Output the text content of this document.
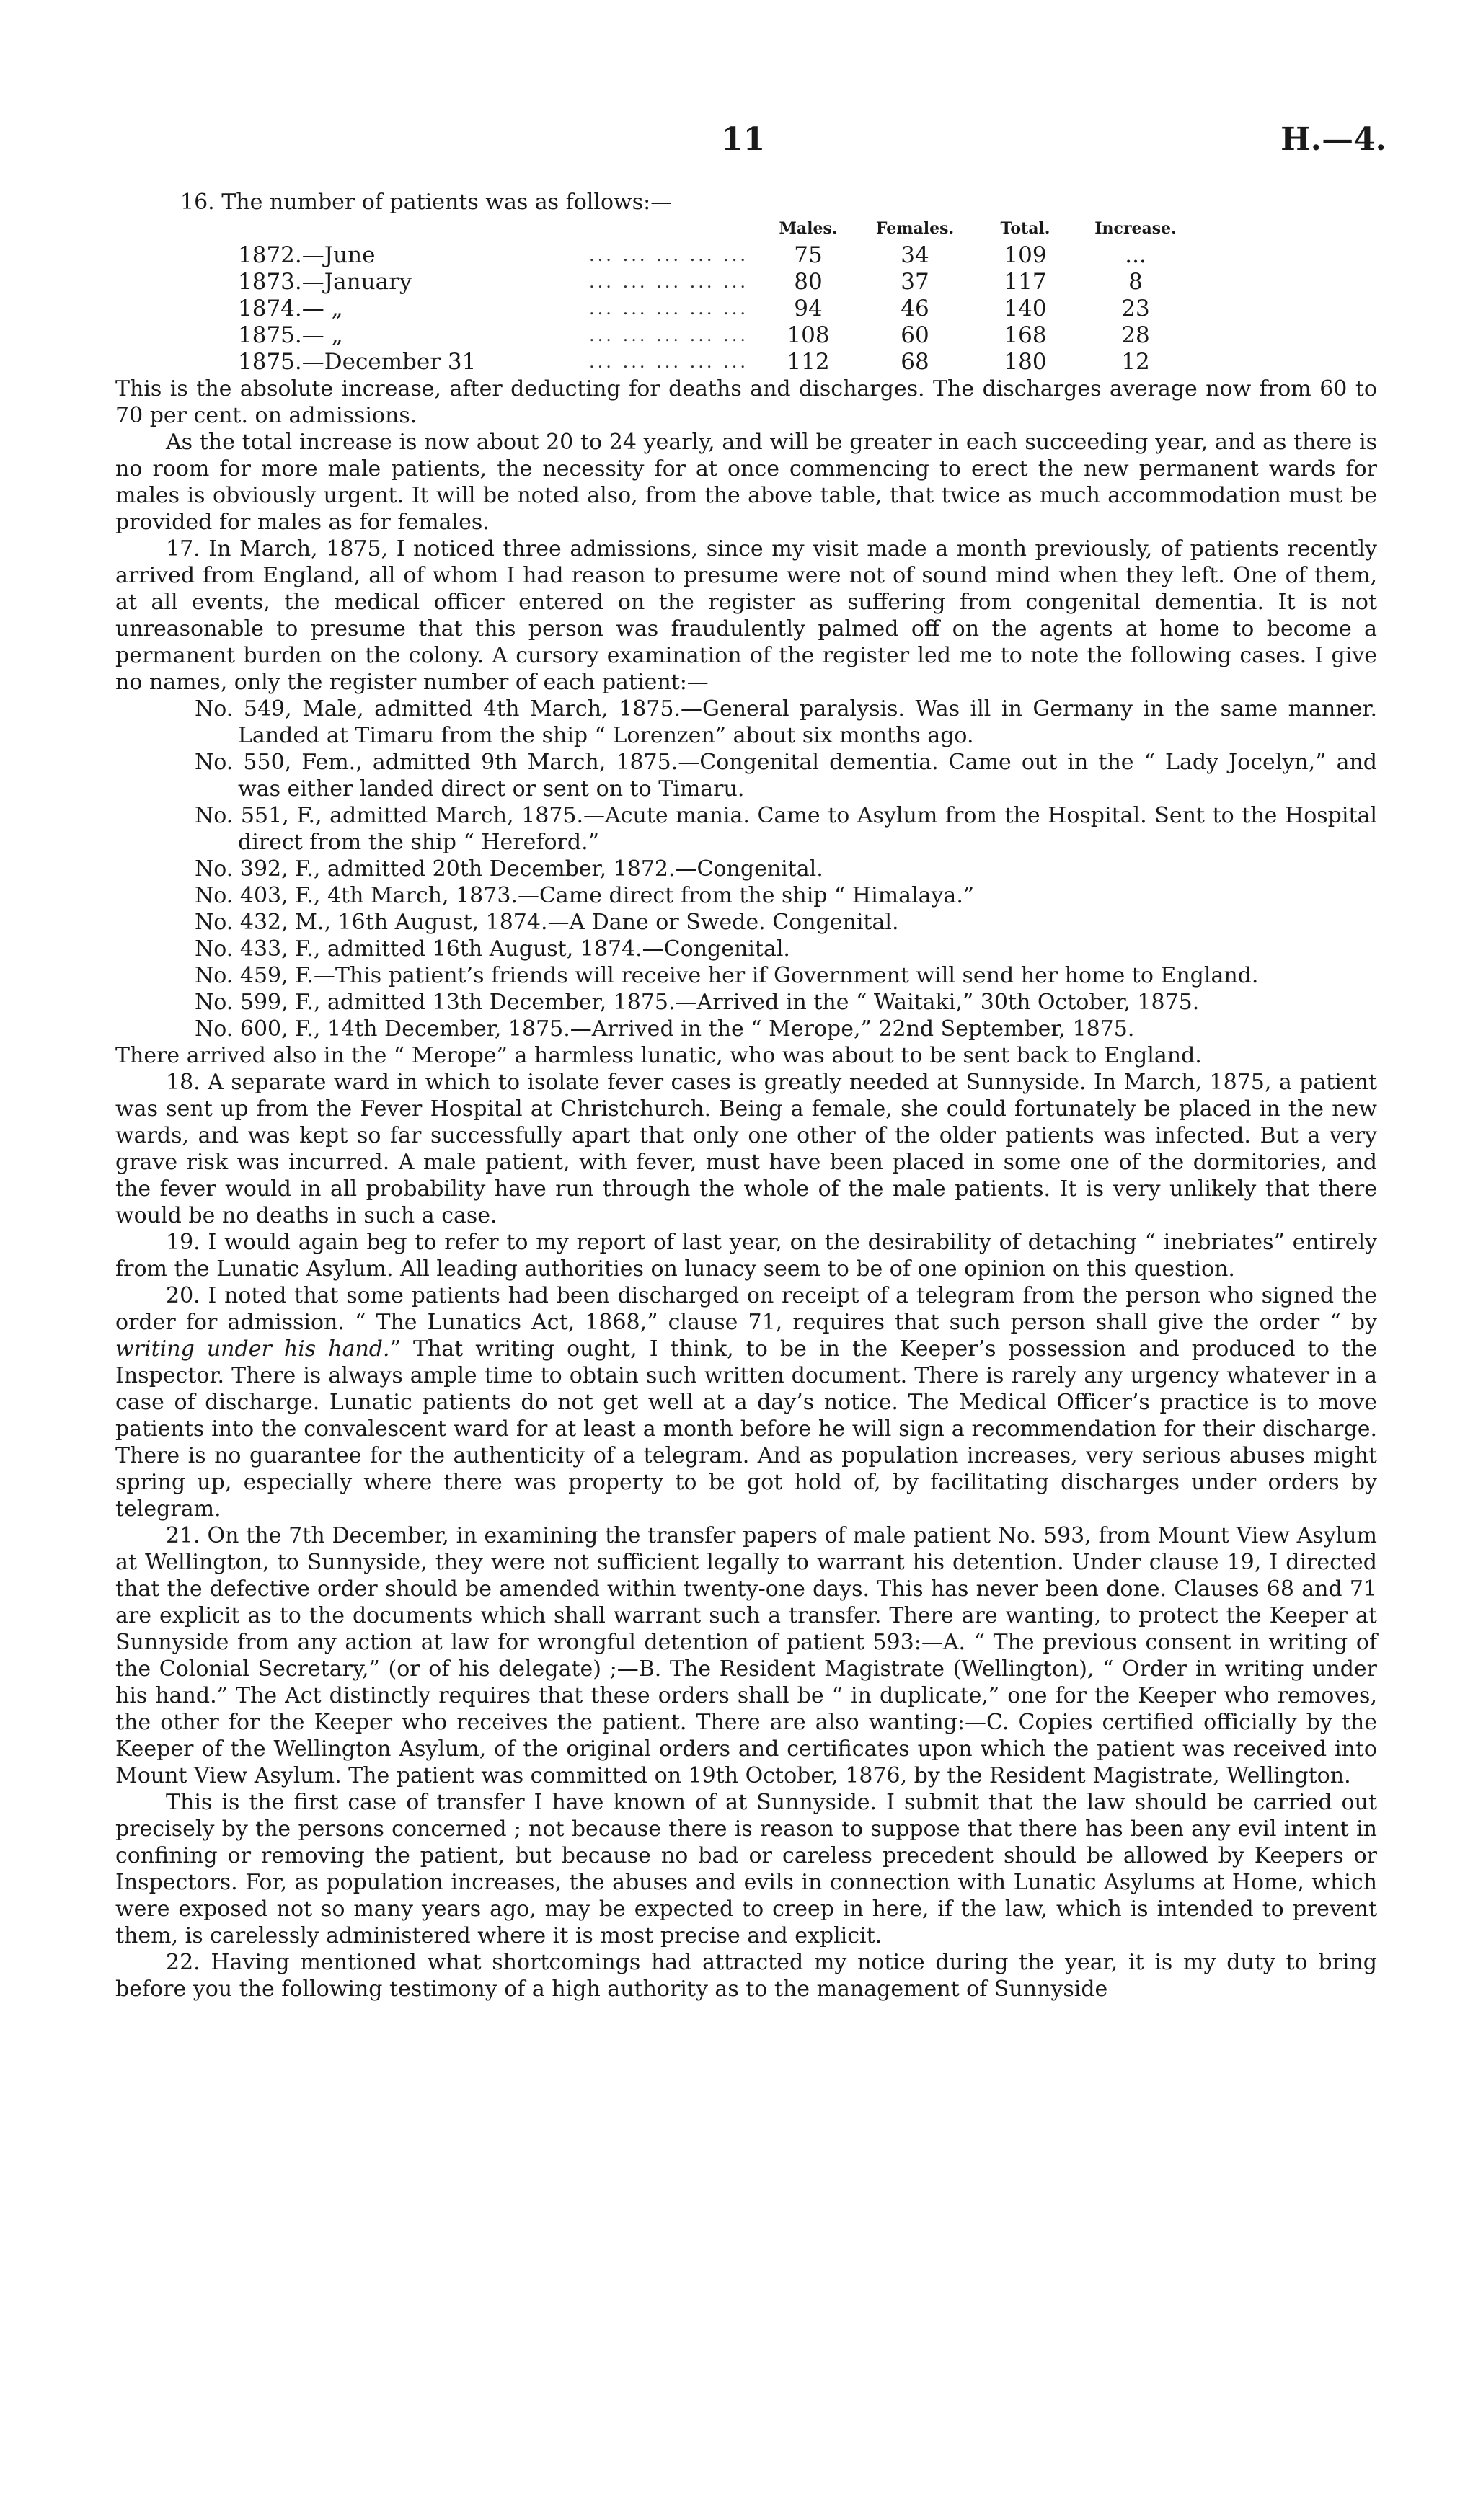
11	H.—4.

16. The number of patients was as follows:—

		Males.	Females.	Total.	Increase.
1872.—June	... ... ... ... ...	75	34	109	...
1873.—January	... ... ... ... ...	80	37	117	8
1874.— „	... ... ... ... ...	94	46	140	23
1875.— „	... ... ... ... ...	108	60	168	28
1875.—December 31	... ... ... ... ...	112	68	180	12

This is the absolute increase, after deducting for deaths and discharges. The discharges average now from 60 to 70 per cent. on admissions.

As the total increase is now about 20 to 24 yearly, and will be greater in each succeeding year, and as there is no room for more male patients, the necessity for at once commencing to erect the new permanent wards for males is obviously urgent. It will be noted also, from the above table, that twice as much accommodation must be provided for males as for females.

17. In March, 1875, I noticed three admissions, since my visit made a month previously, of patients recently arrived from England, all of whom I had reason to presume were not of sound mind when they left. One of them, at all events, the medical officer entered on the register as suffering from congenital dementia. It is not unreasonable to presume that this person was fraudulently palmed off on the agents at home to become a permanent burden on the colony. A cursory examination of the register led me to note the following cases. I give no names, only the register number of each patient:—

No. 549, Male, admitted 4th March, 1875.—General paralysis. Was ill in Germany in the same manner. Landed at Timaru from the ship “ Lorenzen” about six months ago.

No. 550, Fem., admitted 9th March, 1875.—Congenital dementia. Came out in the “ Lady Jocelyn,” and was either landed direct or sent on to Timaru.

No. 551, F., admitted March, 1875.—Acute mania. Came to Asylum from the Hospital. Sent to the Hospital direct from the ship “ Hereford.”

No. 392, F., admitted 20th December, 1872.—Congenital.

No. 403, F., 4th March, 1873.—Came direct from the ship “ Himalaya.”

No. 432, M., 16th August, 1874.—A Dane or Swede. Congenital.

No. 433, F., admitted 16th August, 1874.—Congenital.

No. 459, F.—This patient’s friends will receive her if Government will send her home to England.

No. 599, F., admitted 13th December, 1875.—Arrived in the “ Waitaki,” 30th October, 1875.

No. 600, F., 14th December, 1875.—Arrived in the “ Merope,” 22nd September, 1875.

There arrived also in the “ Merope” a harmless lunatic, who was about to be sent back to England.

18. A separate ward in which to isolate fever cases is greatly needed at Sunnyside. In March, 1875, a patient was sent up from the Fever Hospital at Christchurch. Being a female, she could fortunately be placed in the new wards, and was kept so far successfully apart that only one other of the older patients was infected. But a very grave risk was incurred. A male patient, with fever, must have been placed in some one of the dormitories, and the fever would in all probability have run through the whole of the male patients. It is very unlikely that there would be no deaths in such a case.

19. I would again beg to refer to my report of last year, on the desirability of detaching “ inebriates” entirely from the Lunatic Asylum. All leading authorities on lunacy seem to be of one opinion on this question.

20. I noted that some patients had been discharged on receipt of a telegram from the person who signed the order for admission. “ The Lunatics Act, 1868,” clause 71, requires that such person shall give the order “ by writing under his hand.” That writing ought, I think, to be in the Keeper’s possession and produced to the Inspector. There is always ample time to obtain such written document. There is rarely any urgency whatever in a case of discharge. Lunatic patients do not get well at a day’s notice. The Medical Officer’s practice is to move patients into the convalescent ward for at least a month before he will sign a recommendation for their discharge. There is no guarantee for the authenticity of a telegram. And as population increases, very serious abuses might spring up, especially where there was property to be got hold of, by facilitating discharges under orders by telegram.

21. On the 7th December, in examining the transfer papers of male patient No. 593, from Mount View Asylum at Wellington, to Sunnyside, they were not sufficient legally to warrant his detention. Under clause 19, I directed that the defective order should be amended within twenty-one days. This has never been done. Clauses 68 and 71 are explicit as to the documents which shall warrant such a transfer. There are wanting, to protect the Keeper at Sunnyside from any action at law for wrongful detention of patient 593:—A. “ The previous consent in writing of the Colonial Secretary,” (or of his delegate) ;—B. The Resident Magistrate (Wellington), “ Order in writing under his hand.” The Act distinctly requires that these orders shall be “ in duplicate,” one for the Keeper who removes, the other for the Keeper who receives the patient. There are also wanting:—C. Copies certified officially by the Keeper of the Wellington Asylum, of the original orders and certificates upon which the patient was received into Mount View Asylum. The patient was committed on 19th October, 1876, by the Resident Magistrate, Wellington.

This is the first case of transfer I have known of at Sunnyside. I submit that the law should be carried out precisely by the persons concerned ; not because there is reason to suppose that there has been any evil intent in confining or removing the patient, but because no bad or careless precedent should be allowed by Keepers or Inspectors. For, as population increases, the abuses and evils in connection with Lunatic Asylums at Home, which were exposed not so many years ago, may be expected to creep in here, if the law, which is intended to prevent them, is carelessly administered where it is most precise and explicit.

22. Having mentioned what shortcomings had attracted my notice during the year, it is my duty to bring before you the following testimony of a high authority as to the management of Sunnyside
